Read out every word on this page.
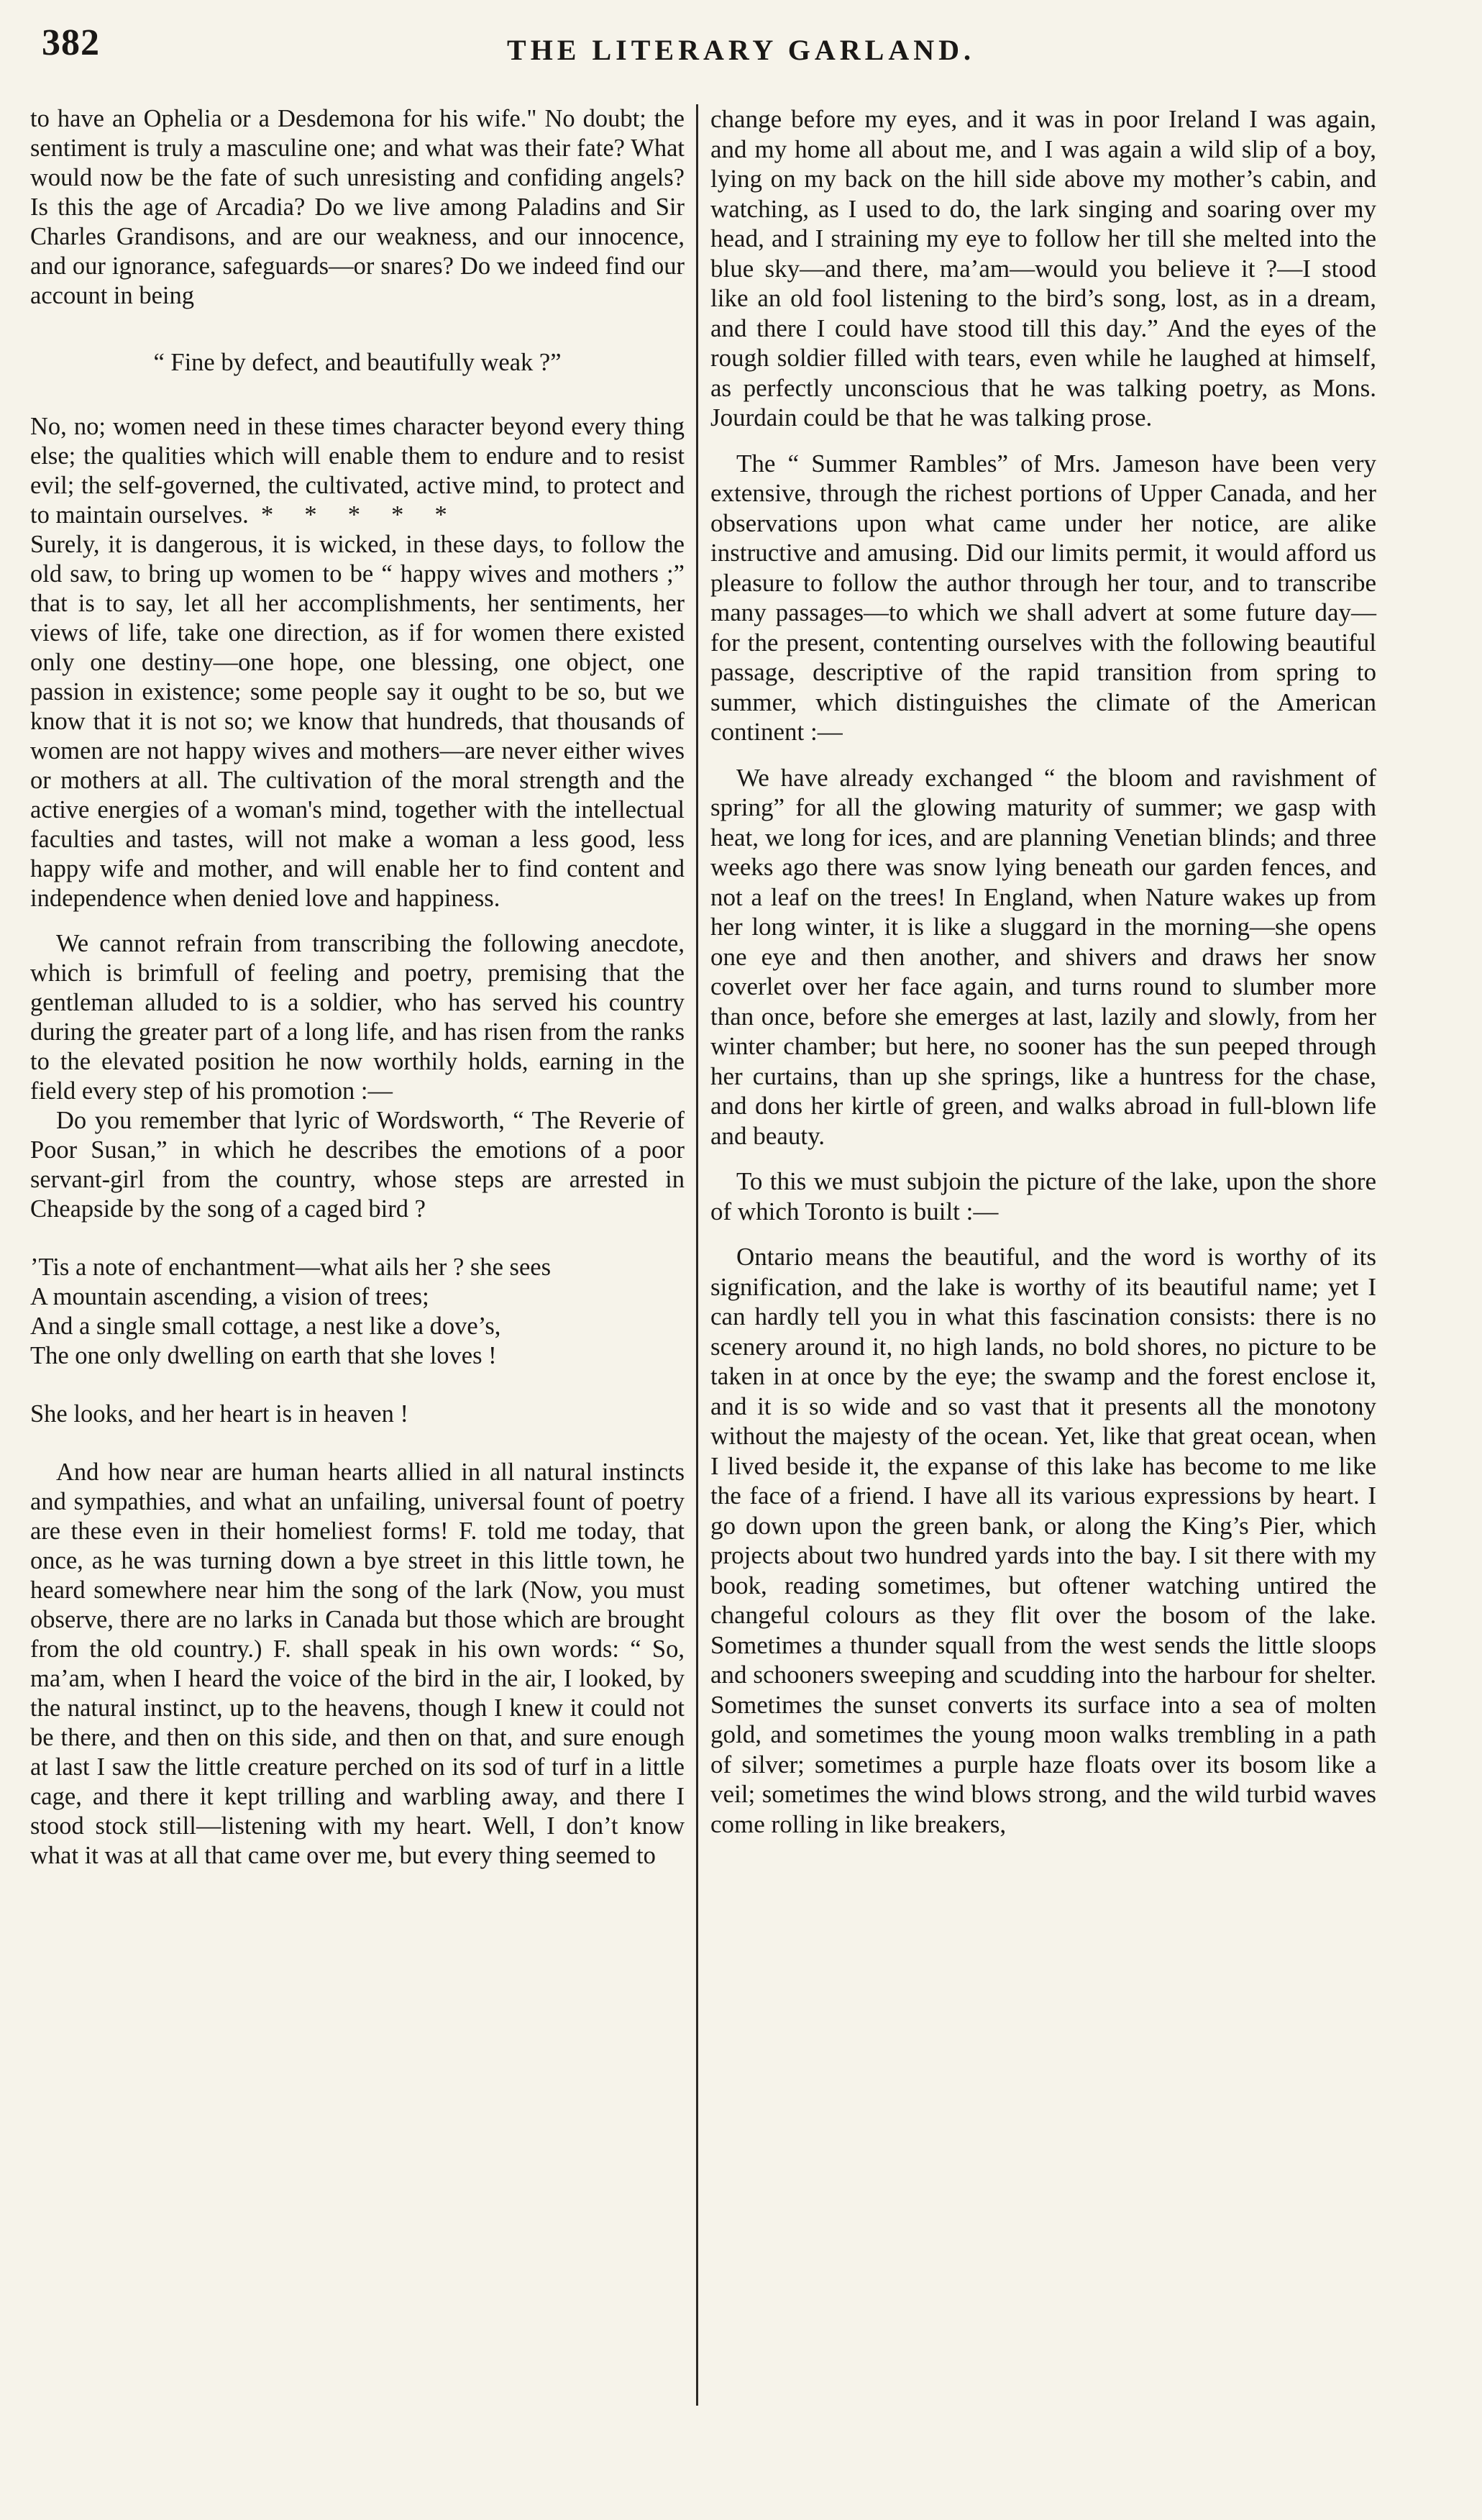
382	THE LITERARY GARLAND.

to have an Ophelia or a Desdemona for his wife." No doubt; the sentiment is truly a masculine one; and what was their fate? What would now be the fate of such unresisting and confiding angels? Is this the age of Arcadia? Do we live among Paladins and Sir Charles Grandisons, and are our weakness, and our innocence, and our ignorance, safeguards—or snares? Do we indeed find our account in being

“ Fine by defect, and beautifully weak ?”

No, no; women need in these times character beyond every thing else; the qualities which will enable them to endure and to resist evil; the self-governed, the cultivated, active mind, to protect and to maintain ourselves.  *     *     *     *     *

Surely, it is dangerous, it is wicked, in these days, to follow the old saw, to bring up women to be “ happy wives and mothers ;” that is to say, let all her accomplishments, her sentiments, her views of life, take one direction, as if for women there existed only one destiny—one hope, one blessing, one object, one passion in existence; some people say it ought to be so, but we know that it is not so; we know that hundreds, that thousands of women are not happy wives and mothers—are never either wives or mothers at all. The cultivation of the moral strength and the active energies of a woman's mind, together with the intellectual faculties and tastes, will not make a woman a less good, less happy wife and mother, and will enable her to find content and independence when denied love and happiness.

We cannot refrain from transcribing the following anecdote, which is brimfull of feeling and poetry, premising that the gentleman alluded to is a soldier, who has served his country during the greater part of a long life, and has risen from the ranks to the elevated position he now worthily holds, earning in the field every step of his promotion :—

Do you remember that lyric of Wordsworth, “ The Reverie of Poor Susan,” in which he describes the emotions of a poor servant-girl from the country, whose steps are arrested in Cheapside by the song of a caged bird ?

’Tis a note of enchantment—what ails her ? she sees

A mountain ascending, a vision of trees;

And a single small cottage, a nest like a dove’s,

The one only dwelling on earth that she loves !

She looks, and her heart is in heaven !

And how near are human hearts allied in all natural instincts and sympathies, and what an unfailing, universal fount of poetry are these even in their homeliest forms! F. told me today, that once, as he was turning down a bye street in this little town, he heard somewhere near him the song of the lark (Now, you must observe, there are no larks in Canada but those which are brought from the old country.) F. shall speak in his own words: “ So, ma’am, when I heard the voice of the bird in the air, I looked, by the natural instinct, up to the heavens, though I knew it could not be there, and then on this side, and then on that, and sure enough at last I saw the little creature perched on its sod of turf in a little cage, and there it kept trilling and warbling away, and there I stood stock still—listening with my heart. Well, I don’t know what it was at all that came over me, but every thing seemed to

change before my eyes, and it was in poor Ireland I was again, and my home all about me, and I was again a wild slip of a boy, lying on my back on the hill side above my mother’s cabin, and watching, as I used to do, the lark singing and soaring over my head, and I straining my eye to follow her till she melted into the blue sky—and there, ma’am—would you believe it ?—I stood like an old fool listening to the bird’s song, lost, as in a dream, and there I could have stood till this day.” And the eyes of the rough soldier filled with tears, even while he laughed at himself, as perfectly unconscious that he was talking poetry, as Mons. Jourdain could be that he was talking prose.

The “ Summer Rambles” of Mrs. Jameson have been very extensive, through the richest portions of Upper Canada, and her observations upon what came under her notice, are alike instructive and amusing. Did our limits permit, it would afford us pleasure to follow the author through her tour, and to transcribe many passages—to which we shall advert at some future day—for the present, contenting ourselves with the following beautiful passage, descriptive of the rapid transition from spring to summer, which distinguishes the climate of the American continent :—

We have already exchanged “ the bloom and ravishment of spring” for all the glowing maturity of summer; we gasp with heat, we long for ices, and are planning Venetian blinds; and three weeks ago there was snow lying beneath our garden fences, and not a leaf on the trees! In England, when Nature wakes up from her long winter, it is like a sluggard in the morning—she opens one eye and then another, and shivers and draws her snow coverlet over her face again, and turns round to slumber more than once, before she emerges at last, lazily and slowly, from her winter chamber; but here, no sooner has the sun peeped through her curtains, than up she springs, like a huntress for the chase, and dons her kirtle of green, and walks abroad in full-blown life and beauty.

To this we must subjoin the picture of the lake, upon the shore of which Toronto is built :—

Ontario means the beautiful, and the word is worthy of its signification, and the lake is worthy of its beautiful name; yet I can hardly tell you in what this fascination consists: there is no scenery around it, no high lands, no bold shores, no picture to be taken in at once by the eye; the swamp and the forest enclose it, and it is so wide and so vast that it presents all the monotony without the majesty of the ocean. Yet, like that great ocean, when I lived beside it, the expanse of this lake has become to me like the face of a friend. I have all its various expressions by heart. I go down upon the green bank, or along the King’s Pier, which projects about two hundred yards into the bay. I sit there with my book, reading sometimes, but oftener watching untired the changeful colours as they flit over the bosom of the lake. Sometimes a thunder squall from the west sends the little sloops and schooners sweeping and scudding into the harbour for shelter. Sometimes the sunset converts its surface into a sea of molten gold, and sometimes the young moon walks trembling in a path of silver; sometimes a purple haze floats over its bosom like a veil; sometimes the wind blows strong, and the wild turbid waves come rolling in like breakers,
